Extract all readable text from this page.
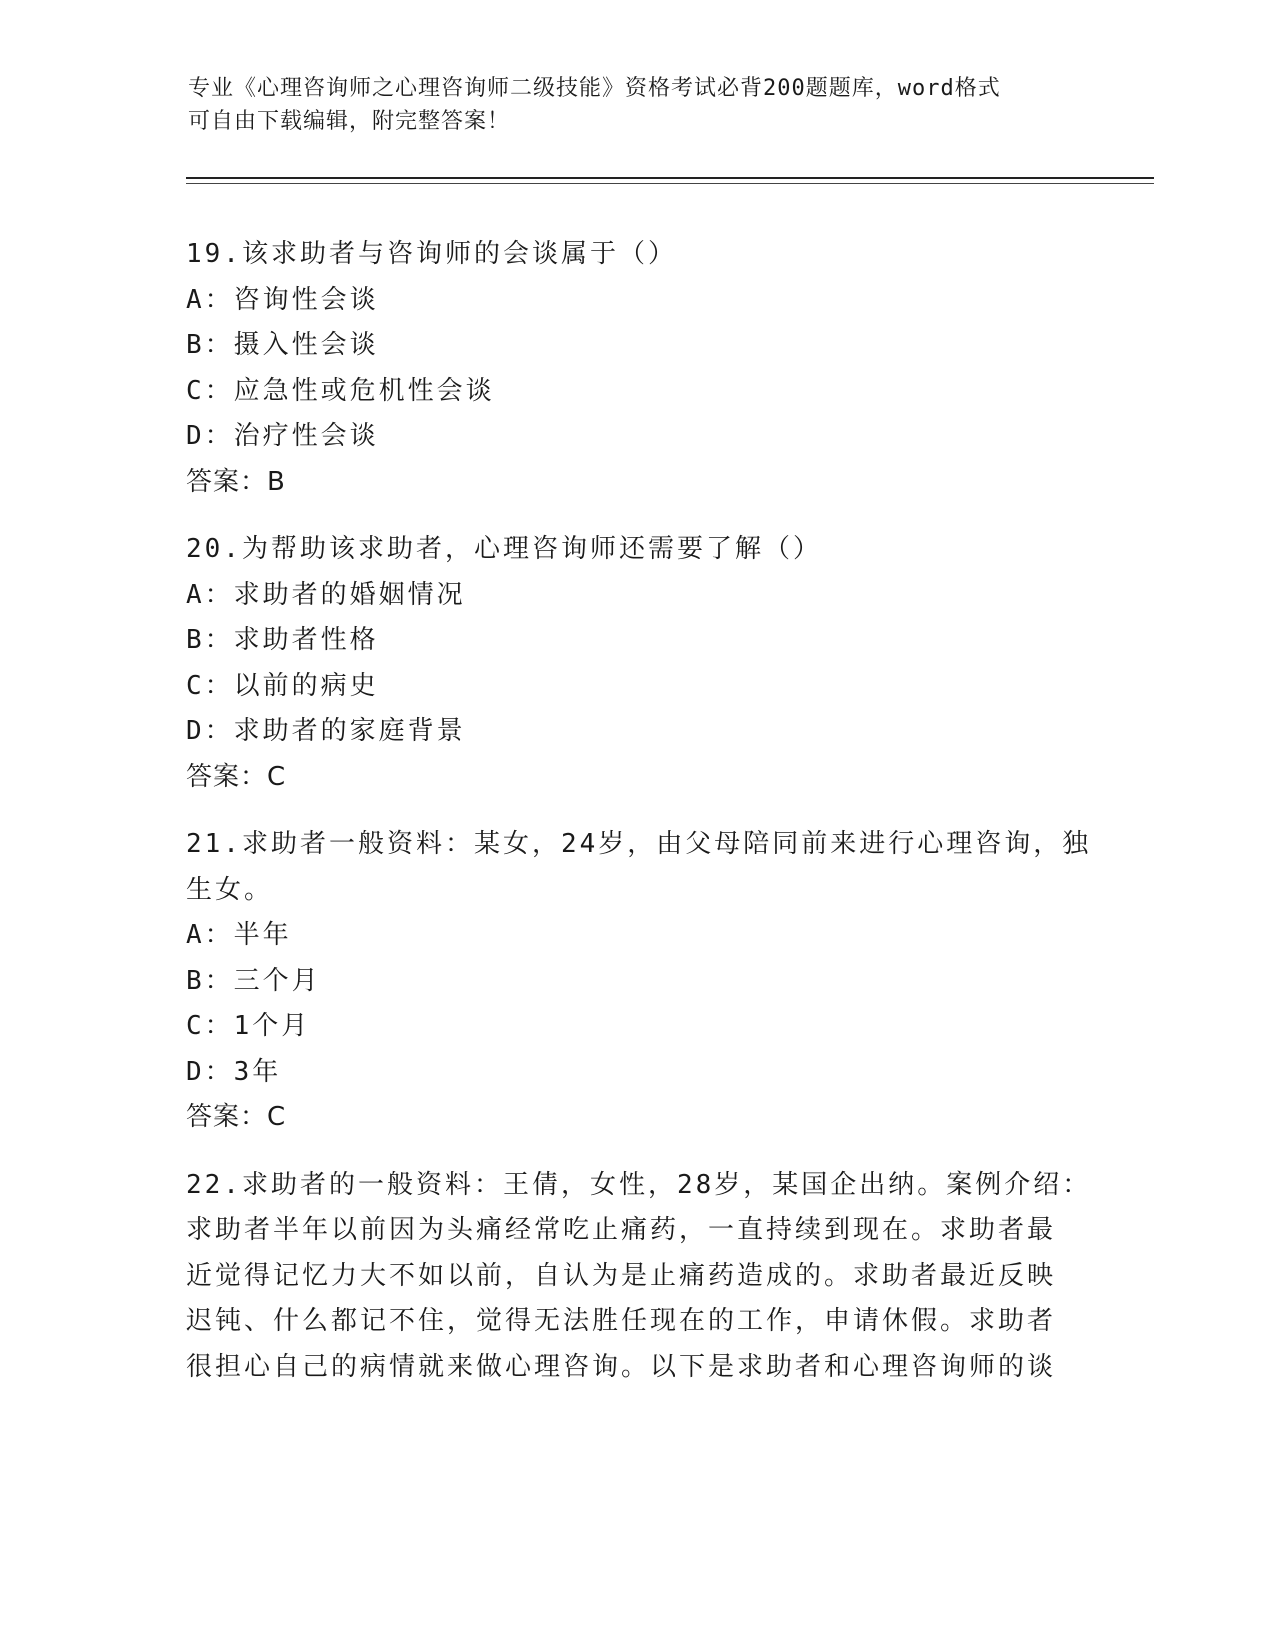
专业《心理咨询师之心理咨询师二级技能》资格考试必背200题题库，word格式
可自由下载编辑，附完整答案！
19.该求助者与咨询师的会谈属于（）
A：咨询性会谈
B：摄入性会谈
C：应急性或危机性会谈
D：治疗性会谈
答案：B
20.为帮助该求助者，心理咨询师还需要了解（）
A：求助者的婚姻情况
B：求助者性格
C：以前的病史
D：求助者的家庭背景
答案：C
21.求助者一般资料：某女，24岁，由父母陪同前来进行心理咨询，独
生女。
A：半年
B：三个月
C：1个月
D：3年
答案：C
22.求助者的一般资料：王倩，女性，28岁，某国企出纳。案例介绍：
求助者半年以前因为头痛经常吃止痛药，一直持续到现在。求助者最
近觉得记忆力大不如以前，自认为是止痛药造成的。求助者最近反映
迟钝、什么都记不住，觉得无法胜任现在的工作，申请休假。求助者
很担心自己的病情就来做心理咨询。以下是求助者和心理咨询师的谈
